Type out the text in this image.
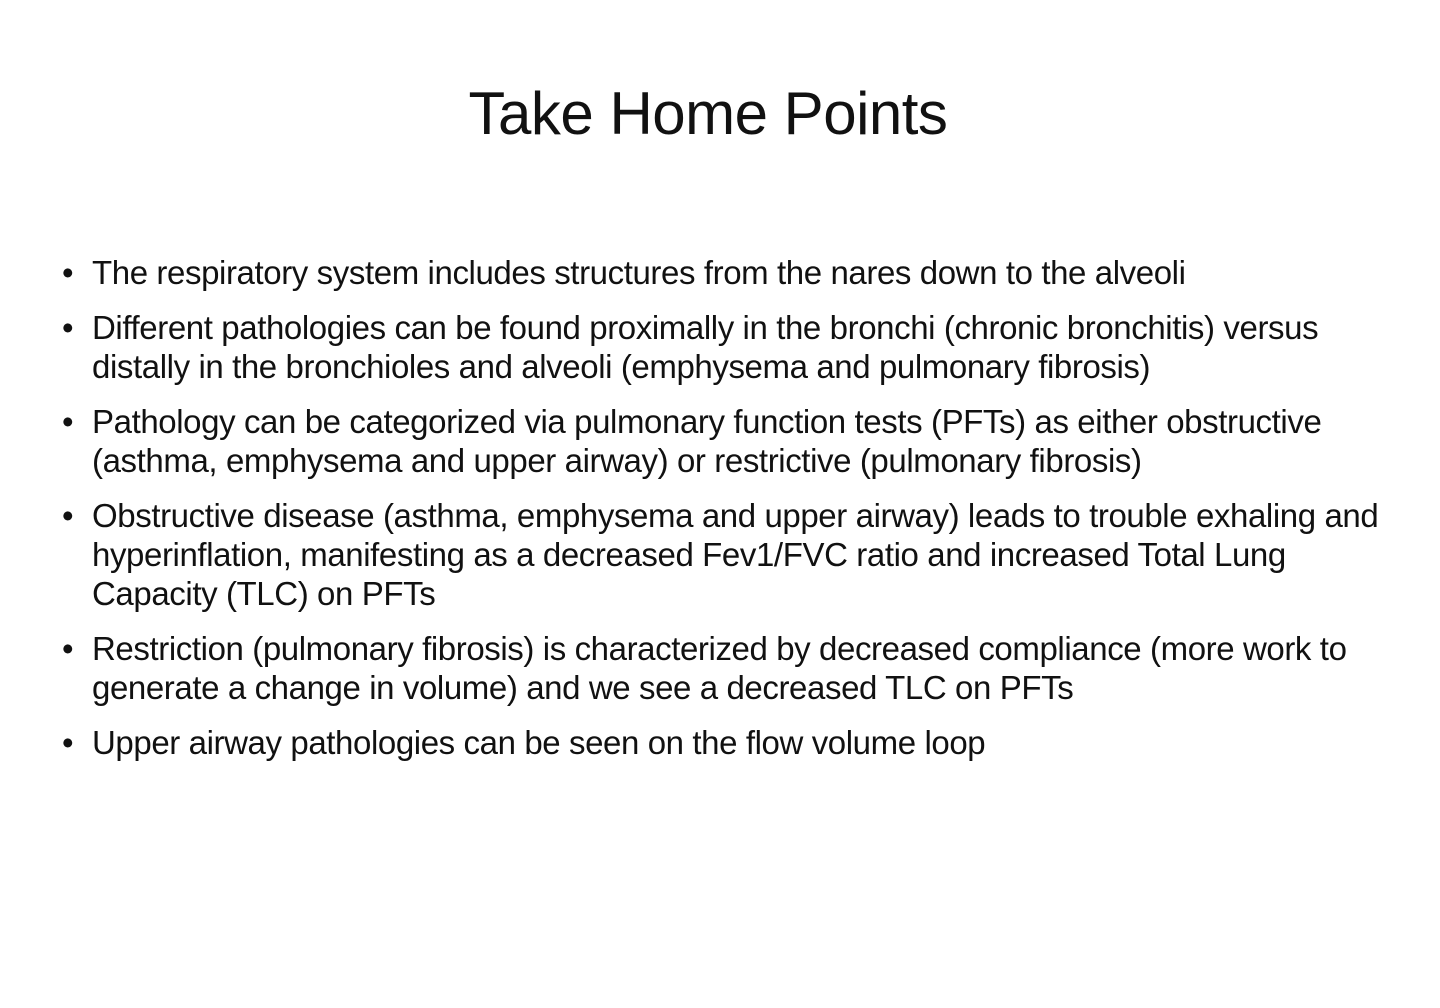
Take Home Points
• The respiratory system includes structures from the nares down to the alveoli
• Different pathologies can be found proximally in the bronchi (chronic bronchitis) versus distally in the bronchioles and alveoli (emphysema and pulmonary fibrosis)
• Pathology can be categorized via pulmonary function tests (PFTs) as either obstructive (asthma, emphysema and upper airway) or restrictive (pulmonary fibrosis)
• Obstructive disease (asthma, emphysema and upper airway) leads to trouble exhaling and hyperinflation, manifesting as a decreased Fev1/FVC ratio and increased Total Lung Capacity (TLC) on PFTs
• Restriction (pulmonary fibrosis) is characterized by decreased compliance (more work to generate a change in volume) and we see a decreased TLC on PFTs
• Upper airway pathologies can be seen on the flow volume loop
